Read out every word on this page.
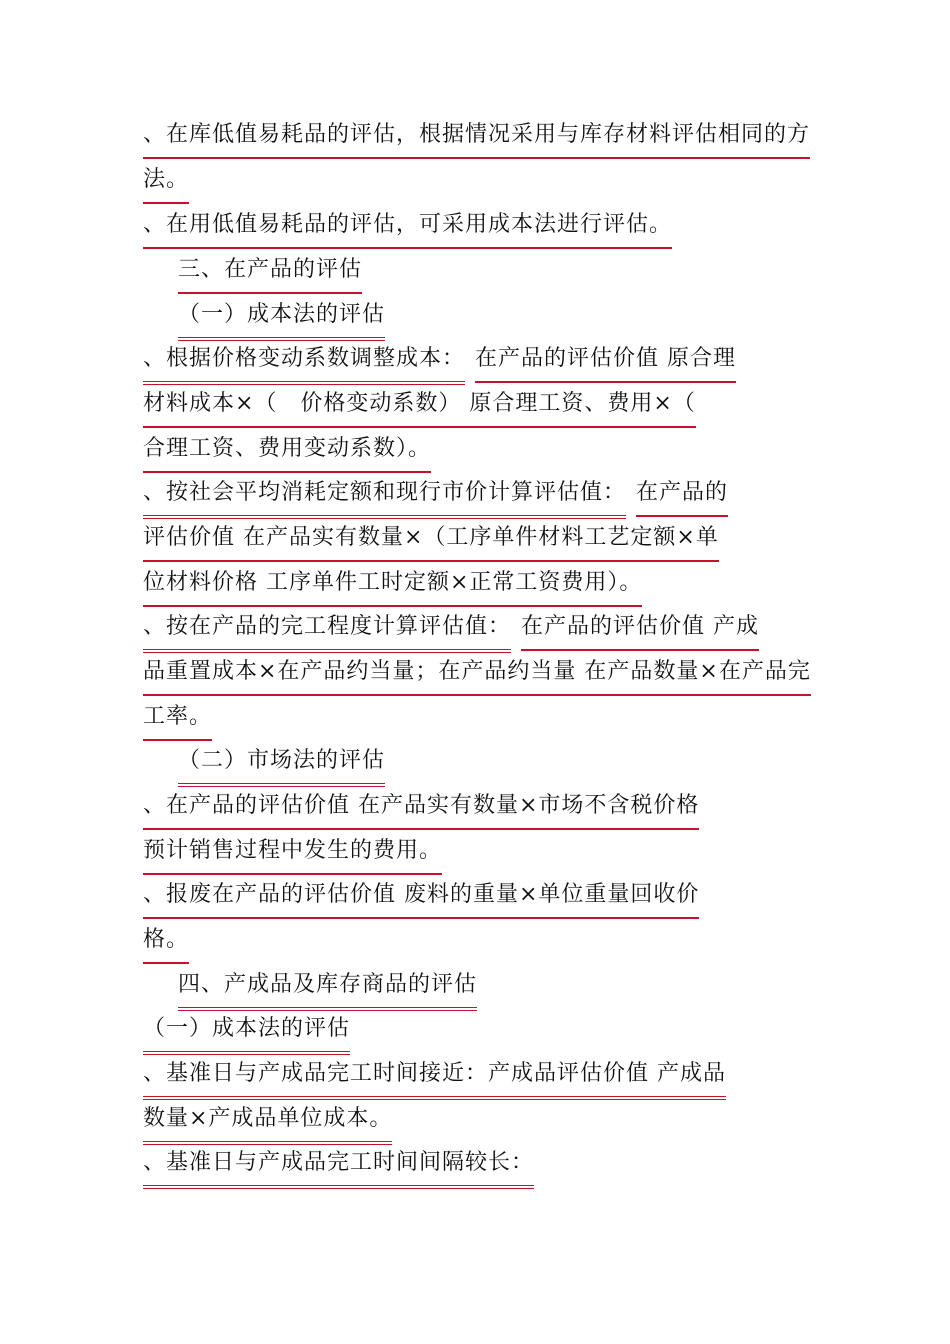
、在库低值易耗品的评估，根据情况采用与库存材料评估相同的方
法。
、在用低值易耗品的评估，可采用成本法进行评估。
三、在产品的评估
（一）成本法的评估
、根据价格变动系数调整成本： 在产品的评估价值 原合理
材料成本×（　价格变动系数） 原合理工资、费用×（
合理工资、费用变动系数）。
、按社会平均消耗定额和现行市价计算评估值： 在产品的
评估价值 在产品实有数量×（工序单件材料工艺定额×单
位材料价格 工序单件工时定额×正常工资费用）。
、按在产品的完工程度计算评估值： 在产品的评估价值 产成
品重置成本×在产品约当量；在产品约当量 在产品数量×在产品完
工率。
（二）市场法的评估
、在产品的评估价值 在产品实有数量×市场不含税价格
预计销售过程中发生的费用。
、报废在产品的评估价值 废料的重量×单位重量回收价
格。
四、产成品及库存商品的评估
（一）成本法的评估
、基准日与产成品完工时间接近：产成品评估价值 产成品
数量×产成品单位成本。
、基准日与产成品完工时间间隔较长：
